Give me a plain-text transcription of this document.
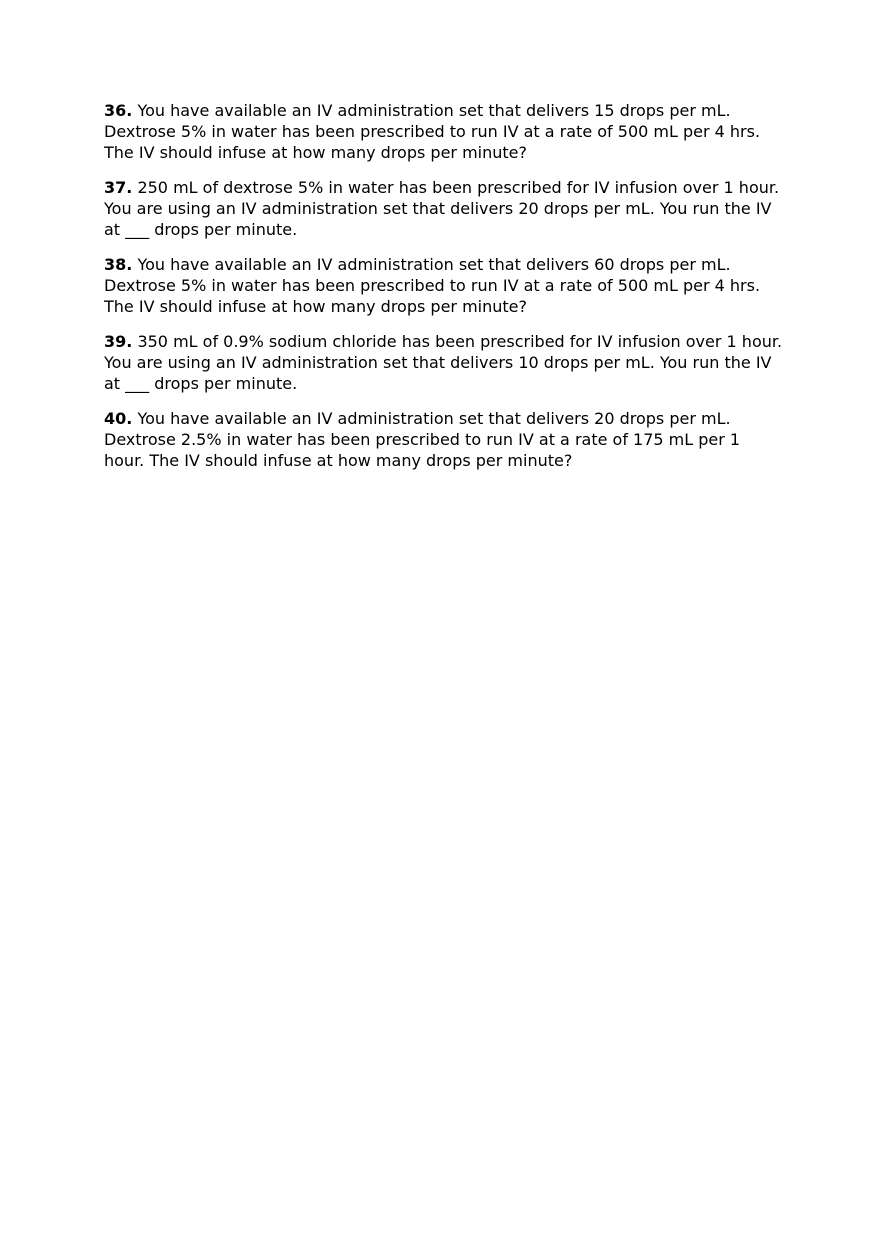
36. You have available an IV administration set that delivers 15 drops per mL.
Dextrose 5% in water has been prescribed to run IV at a rate of 500 mL per 4 hrs.
The IV should infuse at how many drops per minute?

37. 250 mL of dextrose 5% in water has been prescribed for IV infusion over 1 hour.
You are using an IV administration set that delivers 20 drops per mL. You run the IV
at ___ drops per minute.

38. You have available an IV administration set that delivers 60 drops per mL.
Dextrose 5% in water has been prescribed to run IV at a rate of 500 mL per 4 hrs.
The IV should infuse at how many drops per minute?

39. 350 mL of 0.9% sodium chloride has been prescribed for IV infusion over 1 hour.
You are using an IV administration set that delivers 10 drops per mL. You run the IV
at ___ drops per minute.

40. You have available an IV administration set that delivers 20 drops per mL.
Dextrose 2.5% in water has been prescribed to run IV at a rate of 175 mL per 1
hour. The IV should infuse at how many drops per minute?
